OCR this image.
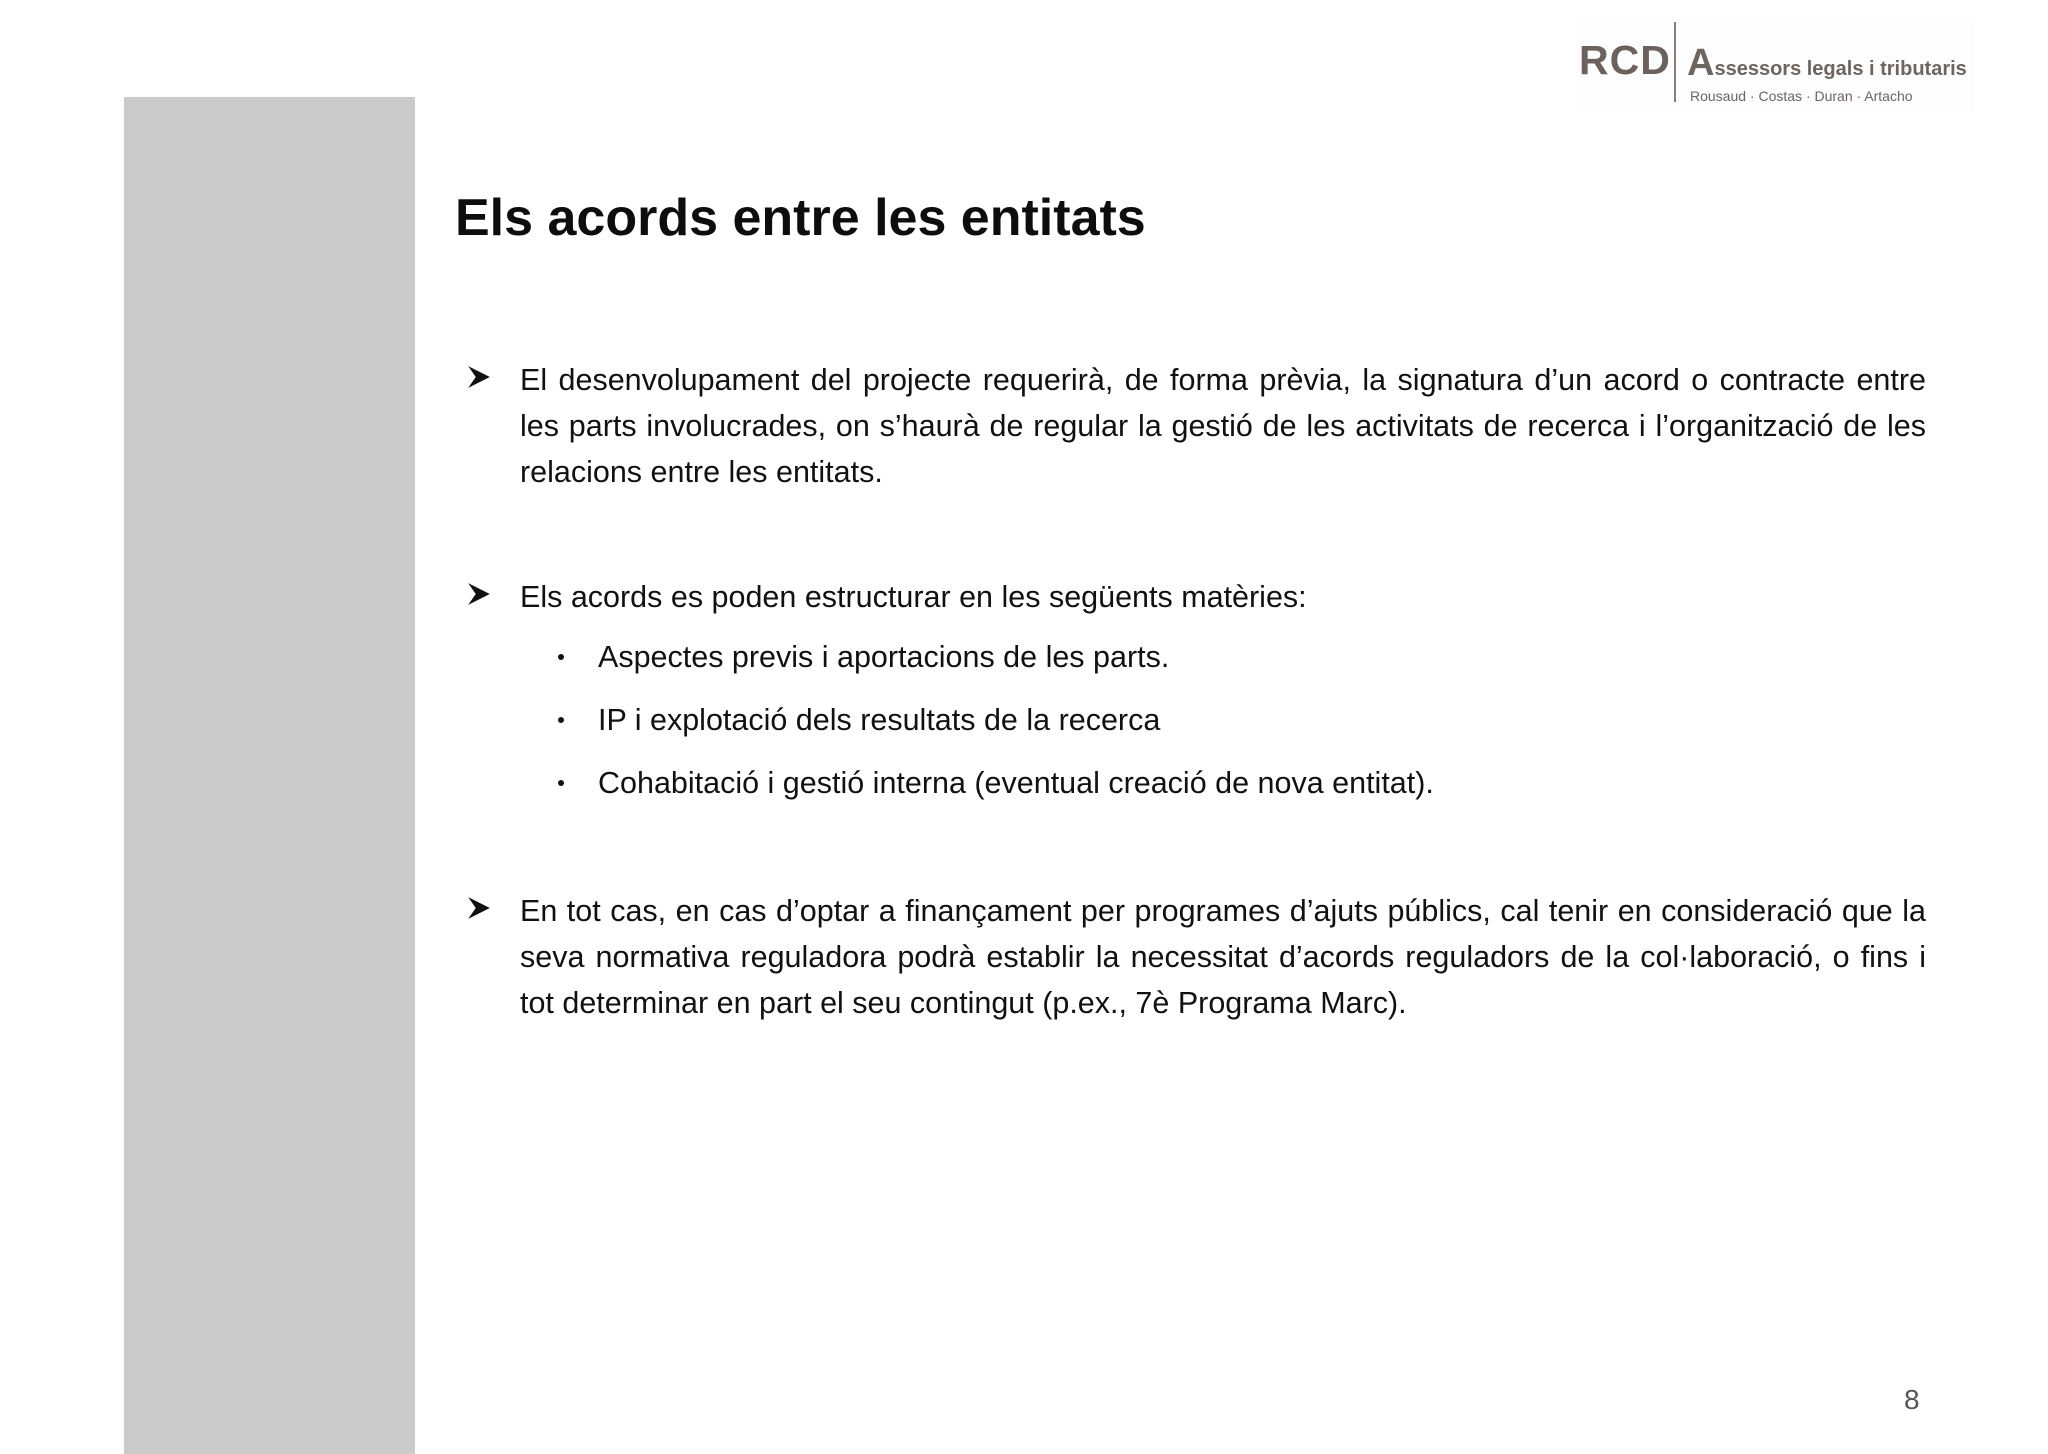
RCD Assessors legals i tributaris
Rousaud · Costas · Duran · Artacho
Els acords entre les entitats

El desenvolupament del projecte requerirà, de forma prèvia, la signatura d’un acord o contracte entre les parts involucrades, on s’haurà de regular la gestió de les activitats de recerca i l’organització de les relacions entre les entitats.

Els acords es poden estructurar en les següents matèries:

Aspectes previs i aportacions de les parts.
IP i explotació dels resultats de la recerca
Cohabitació i gestió interna (eventual creació de nova entitat).

En tot cas, en cas d’optar a finançament per programes d’ajuts públics, cal tenir en consideració que la seva normativa reguladora podrà establir la necessitat d’acords reguladors de la col·laboració, o fins i tot determinar en part el seu contingut (p.ex., 7è Programa Marc).

8
